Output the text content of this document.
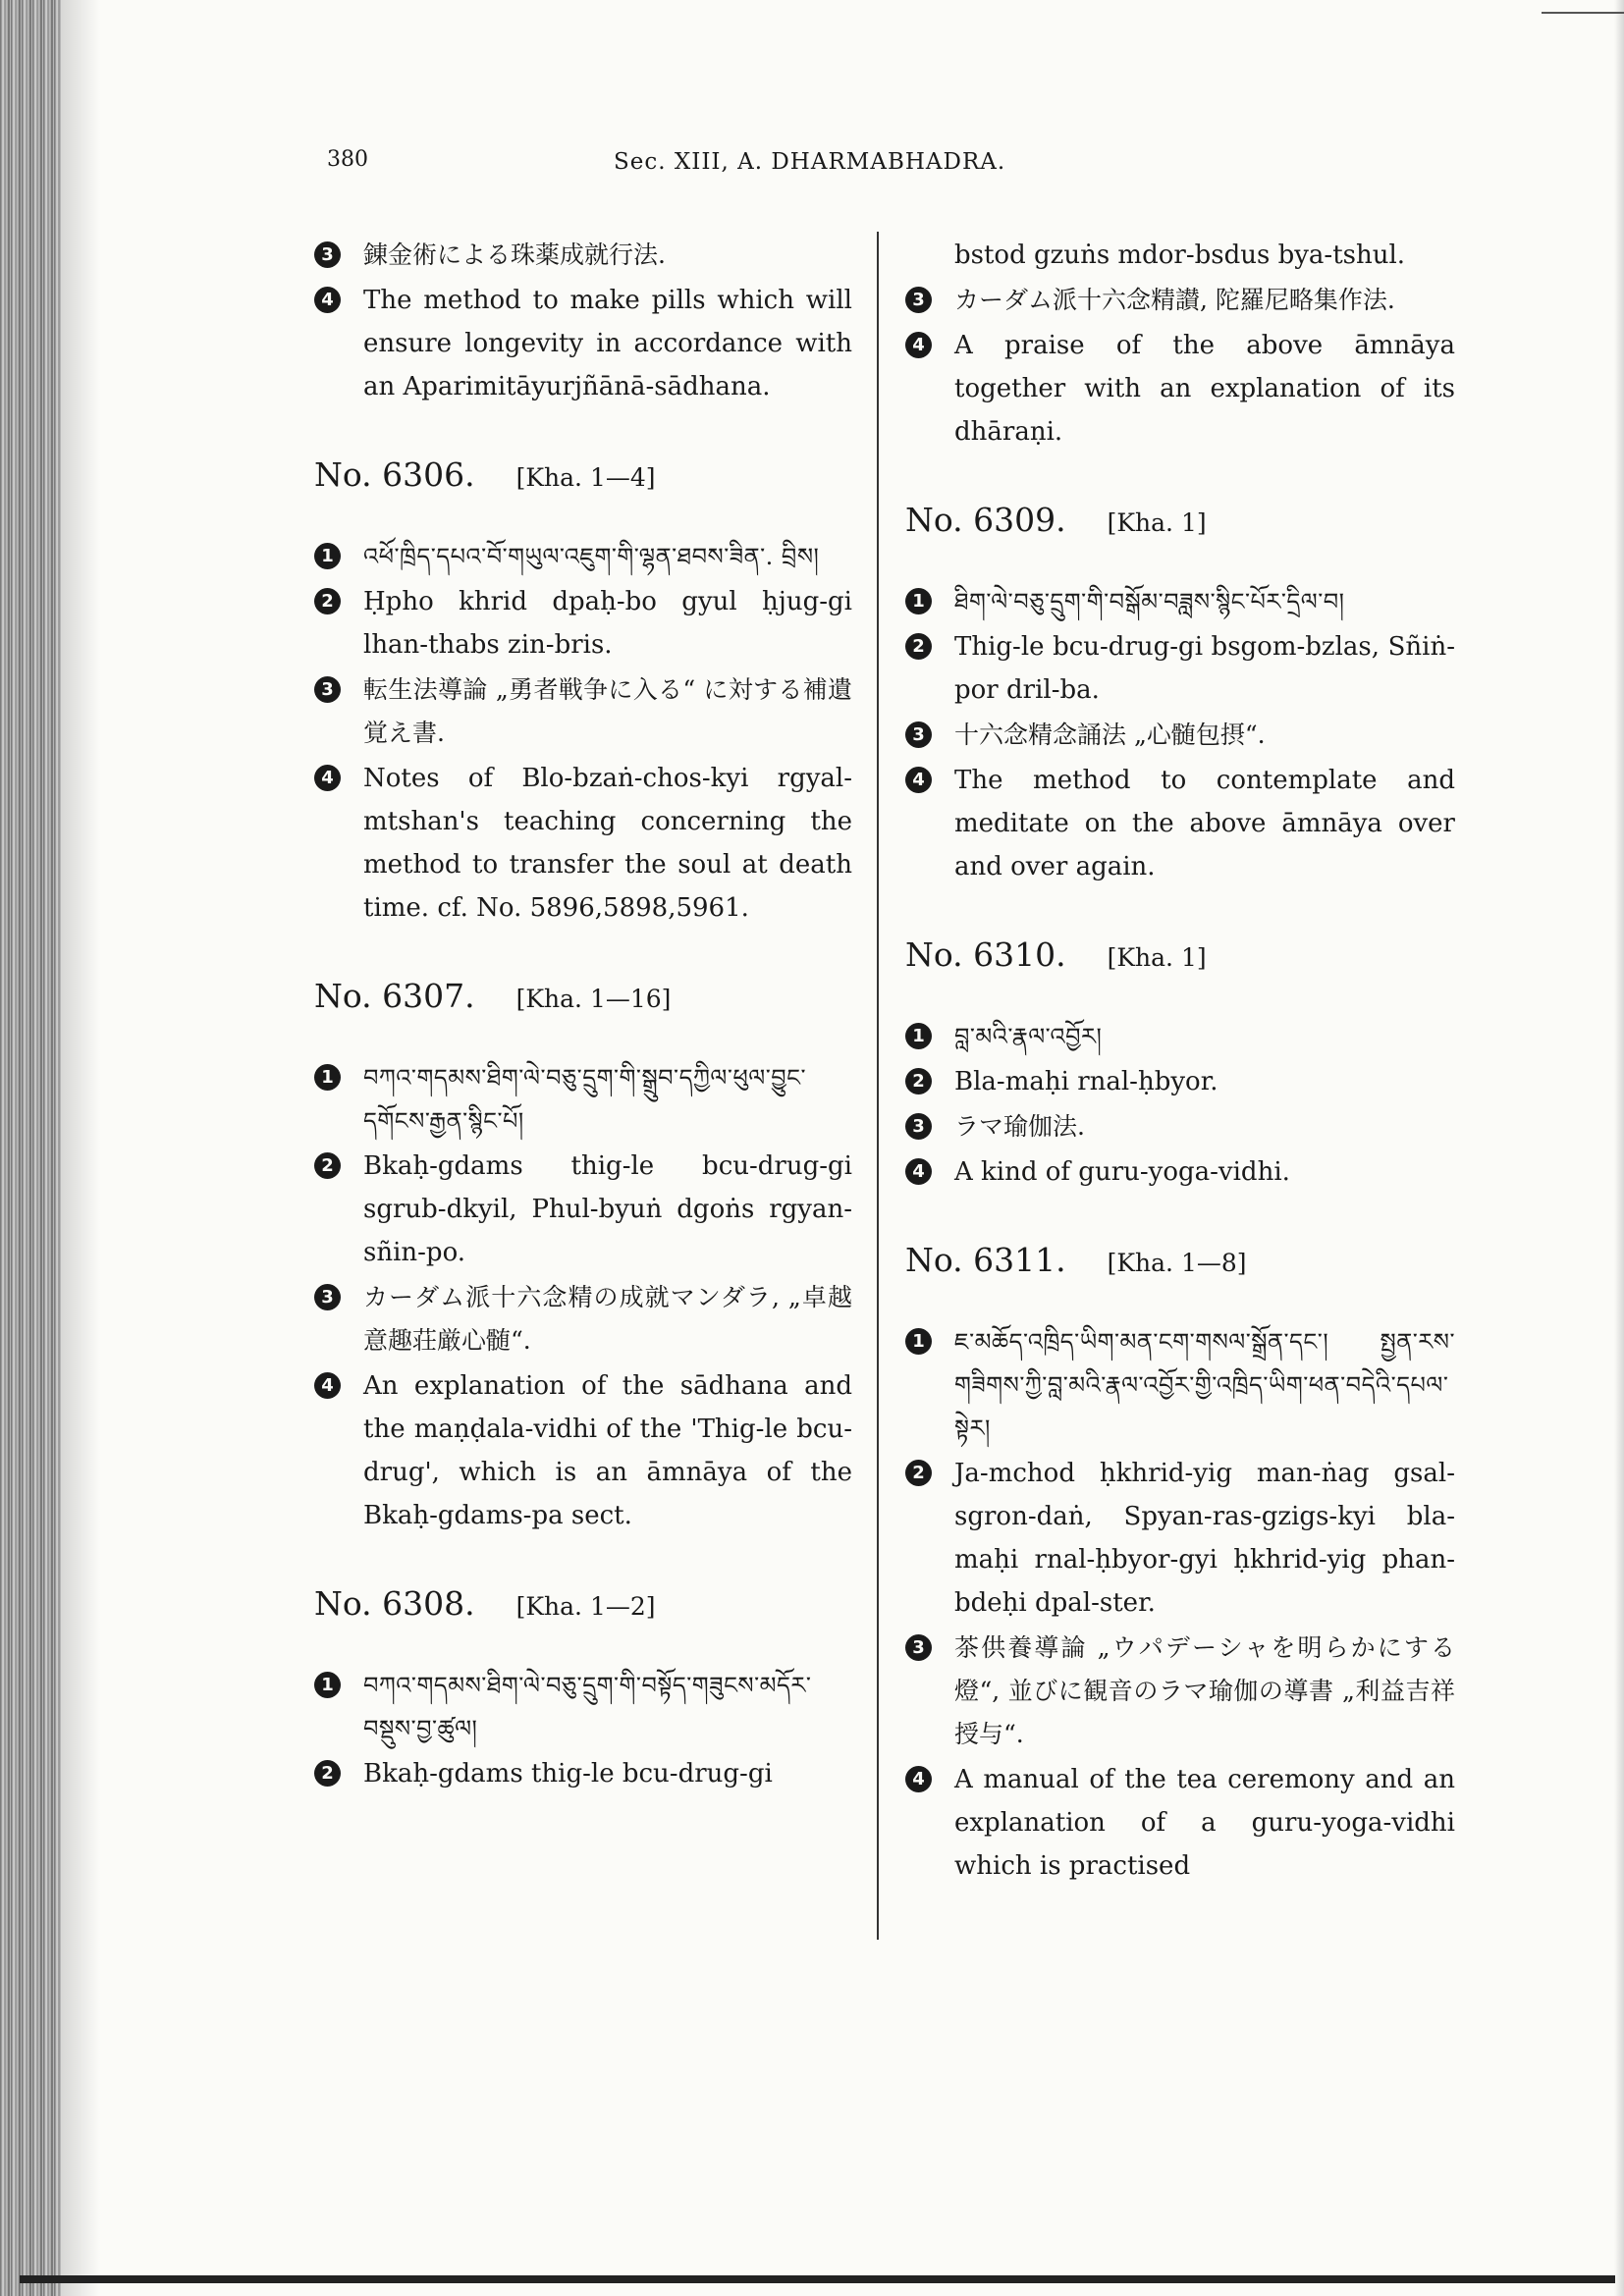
380	Sec. XIII, A. DHARMABHADRA.
3 錬金術による珠薬成就行法.
4 The method to make pills which will ensure longevity in accordance with an Aparimitāyurjñānā-sādhana.
No. 6306. [Kha. 1—4]
1	འཕོ་ཁྲིད་དཔའ་བོ་གཡུལ་འཇུག་གི་ལྷན་ཐབས་ཟིན་. བྲིས།
2 Ḥpho khrid dpaḥ-bo gyul ḥjug-gi lhan-thabs zin-bris.
3 転生法導論 „勇者戦争に入る“ に対する補遺覚え書.
4 Notes of Blo-bzaṅ-chos-kyi rgyal-mtshan's teaching concerning the method to transfer the soul at death time. cf. No. 5896,5898,5961.
No. 6307. [Kha. 1—16]
1	བཀའ་གདམས་ཐིག་ལེ་བཅུ་དྲུག་གི་སྒྲུབ་དཀྱིལ་ཕུལ་བྱུང་དགོངས་རྒྱན་སྙིང་པོ།
2 Bkaḥ-gdams thig-le bcu-drug-gi sgrub-dkyil, Phul-byuṅ dgoṅs rgyan-sñin-po.
3 カーダム派十六念精の成就マンダラ, „卓越意趣荘厳心髄“.
4 An explanation of the sādhana and the maṇḍala-vidhi of the 'Thig-le bcu-drug', which is an āmnāya of the Bkaḥ-gdams-pa sect.
No. 6308. [Kha. 1—2]
1	བཀའ་གདམས་ཐིག་ལེ་བཅུ་དྲུག་གི་བསྟོད་གཟུངས་མདོར་བསྡུས་བྱ་ཚུལ།
2 Bkaḥ-gdams thig-le bcu-drug-gi
bstod gzuṅs mdor-bsdus bya-tshul.
3 カーダム派十六念精讃, 陀羅尼略集作法.
4 A praise of the above āmnāya together with an explanation of its dhāraṇi.
No. 6309. [Kha. 1]
1	ཐིག་ལེ་བཅུ་དྲུག་གི་བསྒོམ་བཟླས་སྙིང་པོར་དྲིལ་བ།
2 Thig-le bcu-drug-gi bsgom-bzlas, Sñiṅ-por dril-ba.
3 十六念精念誦法 „心髄包摂“.
4 The method to contemplate and meditate on the above āmnāya over and over again.
No. 6310. [Kha. 1]
1	བླ་མའི་རྣལ་འབྱོར།
2 Bla-maḥi rnal-ḥbyor.
3 ラマ瑜伽法.
4 A kind of guru-yoga-vidhi.
No. 6311. [Kha. 1—8]
1	ཇ་མཆོད་འཁྲིད་ཡིག་མན་ངག་གསལ་སྒྲོན་དང་། སྤྱན་རས་གཟིགས་ཀྱི་བླ་མའི་རྣལ་འབྱོར་གྱི་འཁྲིད་ཡིག་ཕན་བདེའི་དཔལ་སྟེར།
2 Ja-mchod ḥkhrid-yig man-ṅag gsal-sgron-daṅ, Spyan-ras-gzigs-kyi bla-maḥi rnal-ḥbyor-gyi ḥkhrid-yig phan-bdeḥi dpal-ster.
3 茶供養導論 „ウパデーシャを明らかにする燈“, 並びに観音のラマ瑜伽の導書 „利益吉祥授与“.
4 A manual of the tea ceremony and an explanation of a guru-yoga-vidhi which is practised
